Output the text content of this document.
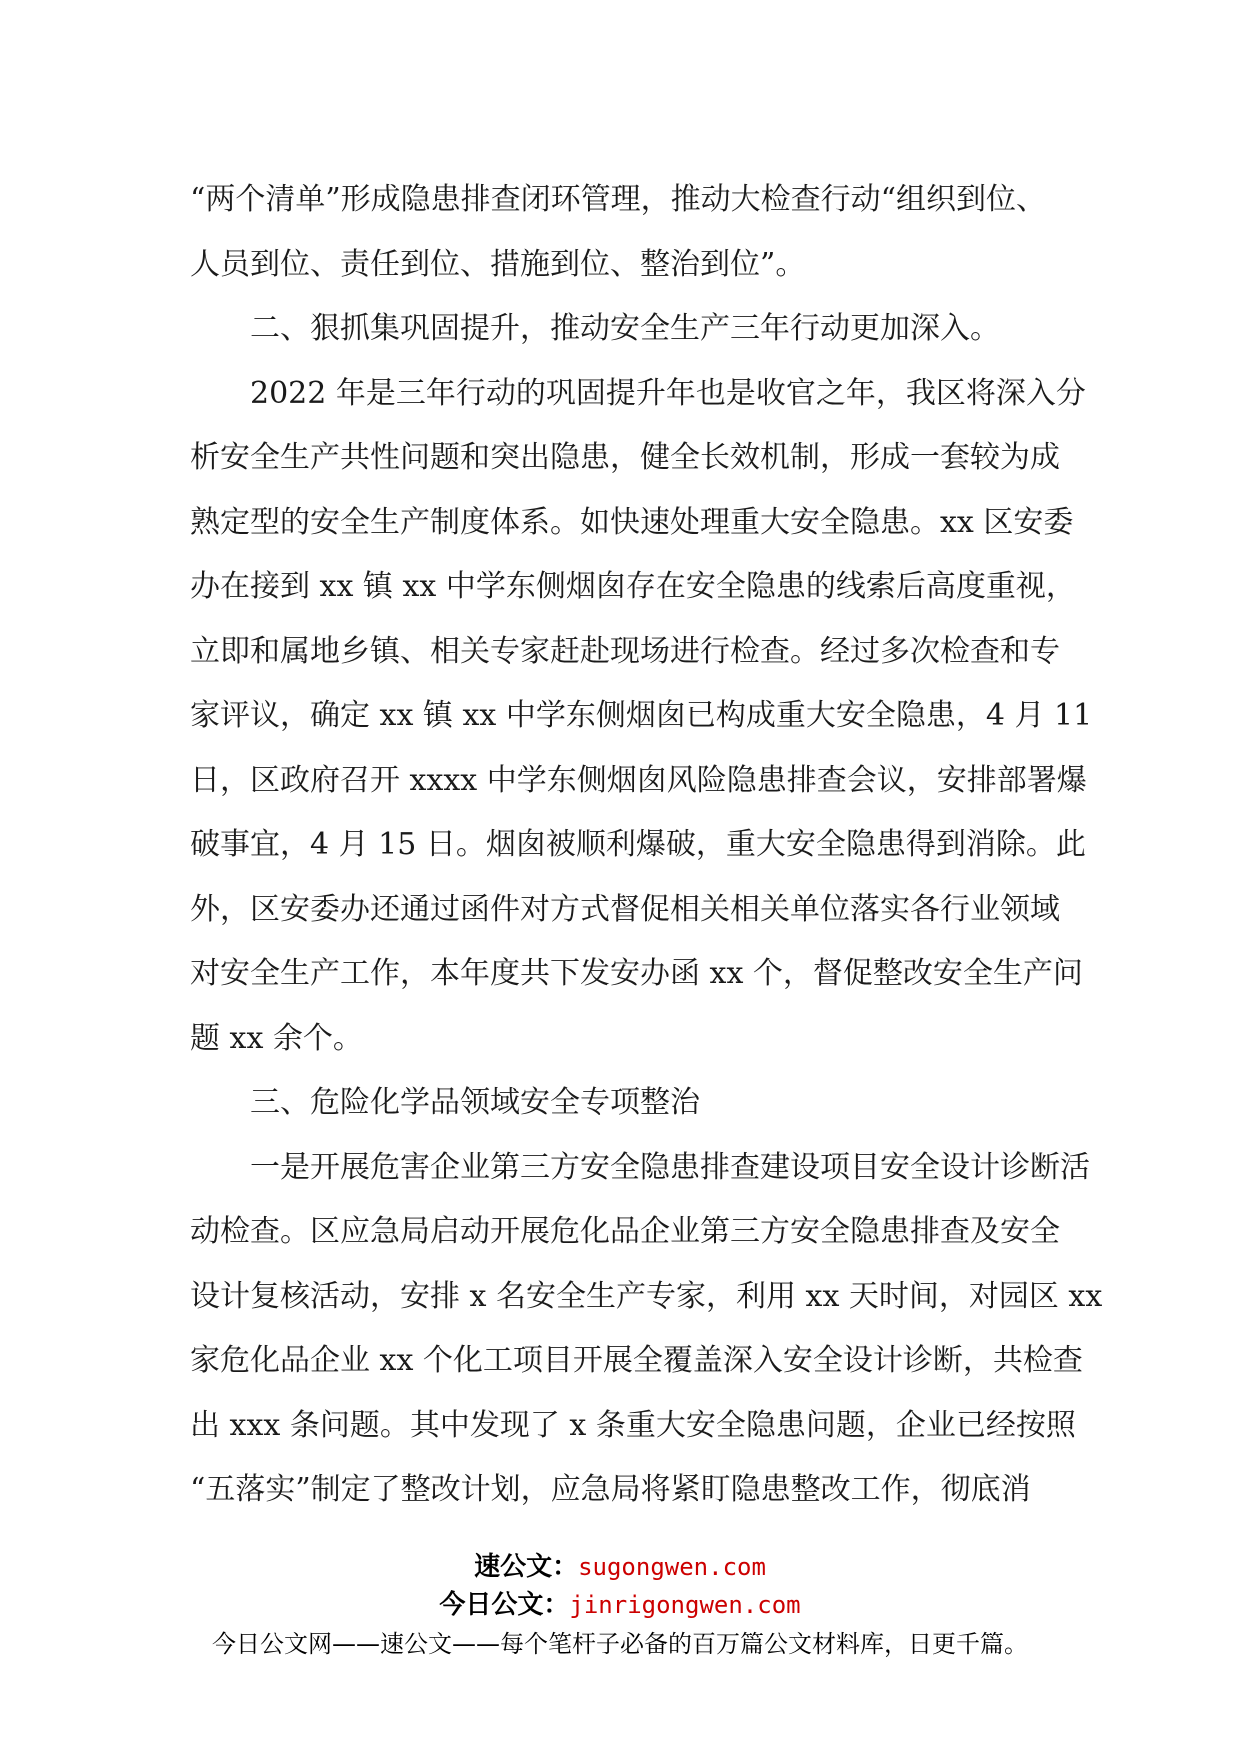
“两个清单”形成隐患排查闭环管理，推动大检查行动“组织到位、
人员到位、责任到位、措施到位、整治到位”。
二、狠抓集巩固提升，推动安全生产三年行动更加深入。
2022 年是三年行动的巩固提升年也是收官之年，我区将深入分
析安全生产共性问题和突出隐患，健全长效机制，形成一套较为成
熟定型的安全生产制度体系。如快速处理重大安全隐患。xx 区安委
办在接到 xx 镇 xx 中学东侧烟囱存在安全隐患的线索后高度重视，
立即和属地乡镇、相关专家赶赴现场进行检查。经过多次检查和专
家评议，确定 xx 镇 xx 中学东侧烟囱已构成重大安全隐患，4 月 11
日，区政府召开 xxxx 中学东侧烟囱风险隐患排查会议，安排部署爆
破事宜，4 月 15 日。烟囱被顺利爆破，重大安全隐患得到消除。此
外，区安委办还通过函件对方式督促相关相关单位落实各行业领域
对安全生产工作，本年度共下发安办函 xx 个，督促整改安全生产问
题 xx 余个。
三、危险化学品领域安全专项整治
一是开展危害企业第三方安全隐患排查建设项目安全设计诊断活
动检查。区应急局启动开展危化品企业第三方安全隐患排查及安全
设计复核活动，安排 x 名安全生产专家，利用 xx 天时间，对园区 xx
家危化品企业 xx 个化工项目开展全覆盖深入安全设计诊断，共检查
出 xxx 条问题。其中发现了 x 条重大安全隐患问题，企业已经按照
“五落实”制定了整改计划，应急局将紧盯隐患整改工作，彻底消
速公文：sugongwen.com
今日公文：jinrigongwen.com
今日公文网——速公文——每个笔杆子必备的百万篇公文材料库，日更千篇。
